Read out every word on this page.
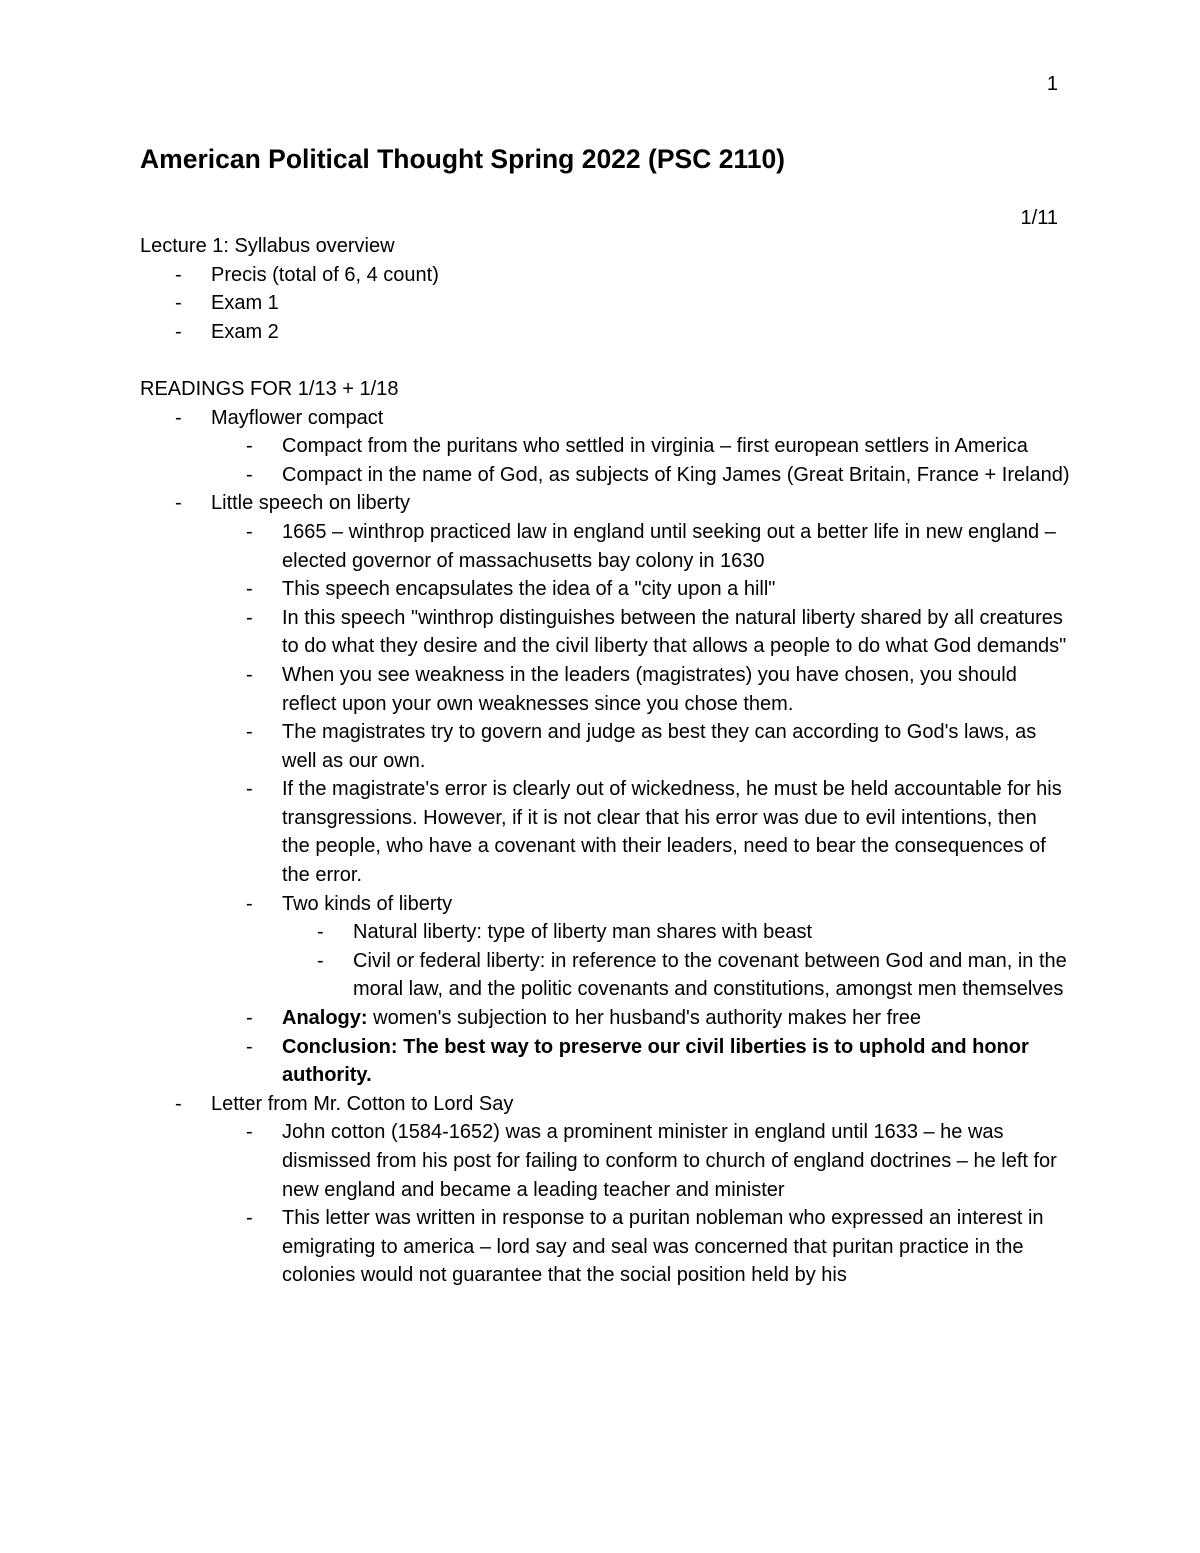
1
American Political Thought Spring 2022 (PSC 2110)
1/11

Lecture 1: Syllabus overview

- Precis (total of 6, 4 count)
- Exam 1
- Exam 2

READINGS FOR 1/13 + 1/18

- Mayflower compact
- Compact from the puritans who settled in virginia – first european settlers in America
- Compact in the name of God, as subjects of King James (Great Britain, France + Ireland)
- Little speech on liberty
- 1665 – winthrop practiced law in england until seeking out a better life in new england – elected governor of massachusetts bay colony in 1630
- This speech encapsulates the idea of a "city upon a hill"
- In this speech "winthrop distinguishes between the natural liberty shared by all creatures to do what they desire and the civil liberty that allows a people to do what God demands"
- When you see weakness in the leaders (magistrates) you have chosen, you should reflect upon your own weaknesses since you chose them.
- The magistrates try to govern and judge as best they can according to God's laws, as well as our own.
- If the magistrate's error is clearly out of wickedness, he must be held accountable for his transgressions. However, if it is not clear that his error was due to evil intentions, then the people, who have a covenant with their leaders, need to bear the consequences of the error.
- Two kinds of liberty
- Natural liberty: type of liberty man shares with beast
- Civil or federal liberty: in reference to the covenant between God and man, in the moral law, and the politic covenants and constitutions, amongst men themselves
- Analogy: women's subjection to her husband's authority makes her free
- Conclusion: The best way to preserve our civil liberties is to uphold and honor authority.
- Letter from Mr. Cotton to Lord Say
- John cotton (1584-1652) was a prominent minister in england until 1633 – he was dismissed from his post for failing to conform to church of england doctrines – he left for new england and became a leading teacher and minister
- This letter was written in response to a puritan nobleman who expressed an interest in emigrating to america – lord say and seal was concerned that puritan practice in the colonies would not guarantee that the social position held by his
